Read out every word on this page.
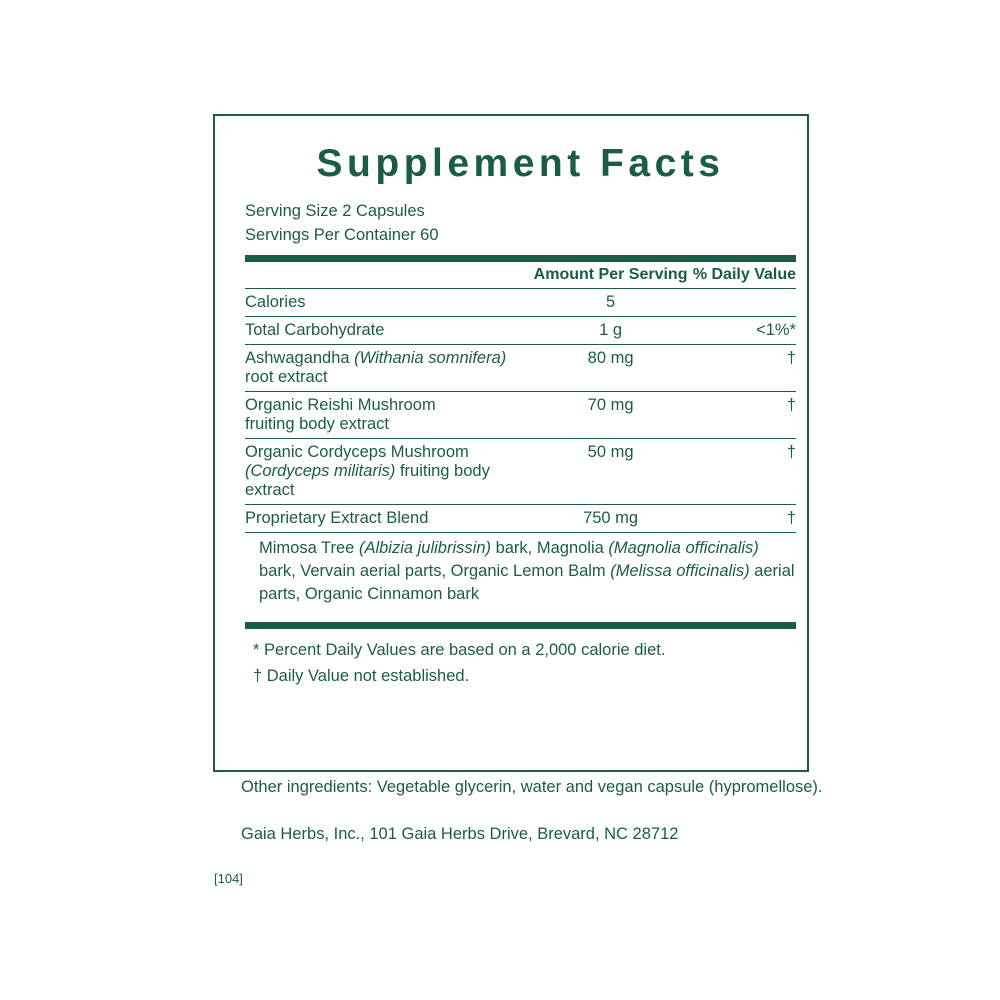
Supplement Facts
Serving Size 2 Capsules
Servings Per Container 60
	Amount Per Serving	% Daily Value
Calories	5	
Total Carbohydrate	1 g	<1%*
Ashwagandha (Withania somnifera) root extract	80 mg	†
Organic Reishi Mushroom
fruiting body extract	70 mg	†
Organic Cordyceps Mushroom
(Cordyceps militaris) fruiting body extract	50 mg	†
Proprietary Extract Blend	750 mg	†
Mimosa Tree (Albizia julibrissin) bark, Magnolia (Magnolia officinalis) bark, Vervain aerial parts, Organic Lemon Balm (Melissa officinalis) aerial parts, Organic Cinnamon bark
* Percent Daily Values are based on a 2,000 calorie diet.
† Daily Value not established.
Other ingredients: Vegetable glycerin, water and vegan capsule (hypromellose).
Gaia Herbs, Inc., 101 Gaia Herbs Drive, Brevard, NC 28712
[104]
